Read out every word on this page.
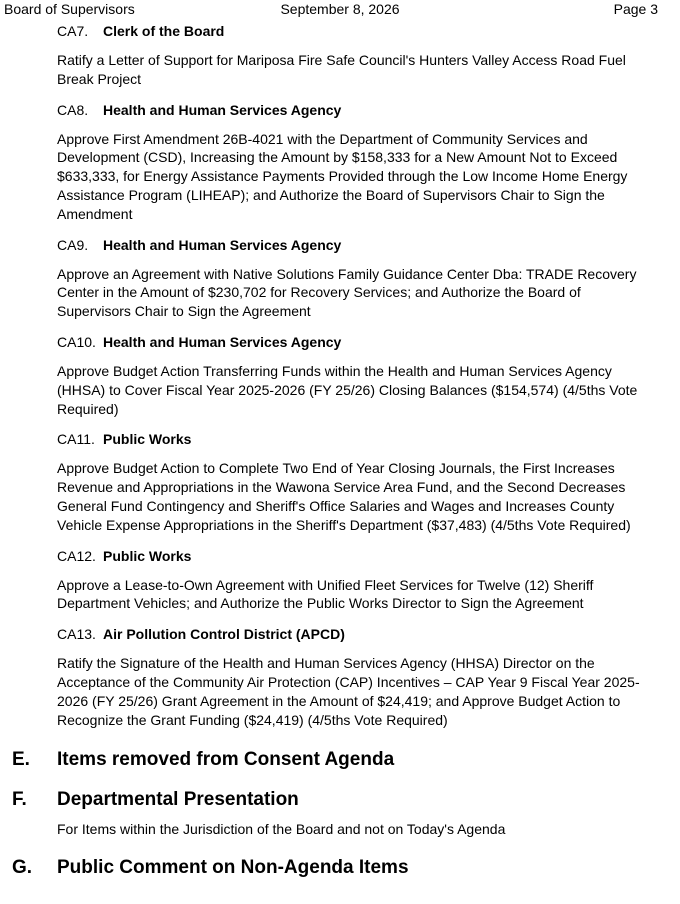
Board of Supervisors	September 8, 2026	Page 3
CA7. Clerk of the Board
Ratify a Letter of Support for Mariposa Fire Safe Council's Hunters Valley Access Road Fuel Break Project
CA8. Health and Human Services Agency
Approve First Amendment 26B-4021 with the Department of Community Services and Development (CSD), Increasing the Amount by $158,333 for a New Amount Not to Exceed $633,333, for Energy Assistance Payments Provided through the Low Income Home Energy Assistance Program (LIHEAP); and Authorize the Board of Supervisors Chair to Sign the Amendment
CA9. Health and Human Services Agency
Approve an Agreement with Native Solutions Family Guidance Center Dba: TRADE Recovery Center in the Amount of $230,702 for Recovery Services; and Authorize the Board of Supervisors Chair to Sign the Agreement
CA10. Health and Human Services Agency
Approve Budget Action Transferring Funds within the Health and Human Services Agency (HHSA) to Cover Fiscal Year 2025-2026 (FY 25/26) Closing Balances ($154,574) (4/5ths Vote Required)
CA11. Public Works
Approve Budget Action to Complete Two End of Year Closing Journals, the First Increases Revenue and Appropriations in the Wawona Service Area Fund, and the Second Decreases General Fund Contingency and Sheriff's Office Salaries and Wages and Increases County Vehicle Expense Appropriations in the Sheriff's Department ($37,483) (4/5ths Vote Required)
CA12. Public Works
Approve a Lease-to-Own Agreement with Unified Fleet Services for Twelve (12) Sheriff Department Vehicles; and Authorize the Public Works Director to Sign the Agreement
CA13. Air Pollution Control District (APCD)
Ratify the Signature of the Health and Human Services Agency (HHSA) Director on the Acceptance of the Community Air Protection (CAP) Incentives – CAP Year 9 Fiscal Year 2025-2026 (FY 25/26) Grant Agreement in the Amount of $24,419; and Approve Budget Action to Recognize the Grant Funding ($24,419) (4/5ths Vote Required)
E. Items removed from Consent Agenda
F. Departmental Presentation
For Items within the Jurisdiction of the Board and not on Today's Agenda
G. Public Comment on Non-Agenda Items
